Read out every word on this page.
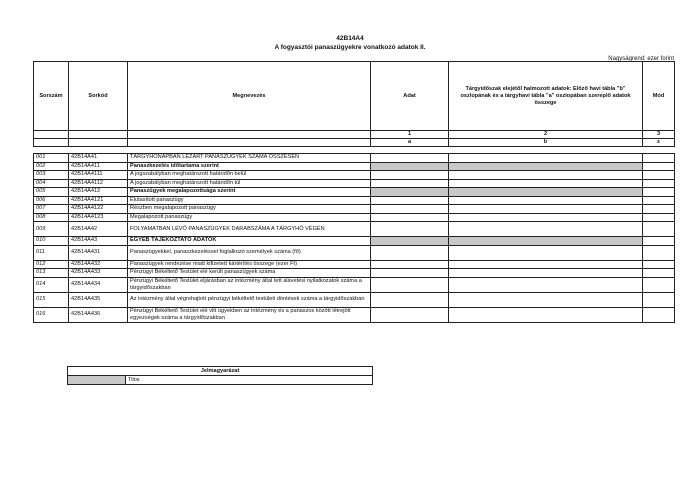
42B14A4
A fogyasztói panaszügyekre vonatkozó adatok II.
Nagyságrend: ezer forint
Sorszám	Sorkód	Megnevezés	Adat	Tárgyidőszak elejétől halmozott adatok: Előző havi tábla "b" oszlopának és a tárgyhavi tábla "a" oszlopában szereplő adatok összege	Mód
			1	2	3
			a	b	z

001	42B14A41	TÁRGYHÓNAPBAN LEZÁRT PANASZÜGYEK SZÁMA ÖSSZESEN			
002	42B14A411	Panaszkezelés időtartama szerint			
003	42B14A4111	A jogszabályban meghatározott határidőn belül			
004	42B14A4112	A jogszabályban meghatározott határidőn túl			
005	42B14A412	Panaszügyek megalapozottsága szerint			
006	42B14A4121	Elutasított panaszügy			
007	42B14A4122	Részben megalapozott panaszügy			
008	42B14A4123	Megalapozott panaszügy			
009	42B14A42	FOLYAMATBAN LÉVŐ PANASZÜGYEK DARABSZÁMA A TÁRGYHÓ VÉGÉN			
010	42B14A43	EGYÉB TÁJÉKOZTATÓ ADATOK			
011	42B14A431	Panaszügyekkel, panaszkezeléssel foglalkozó személyek száma (fő)			
012	42B14A432	Panaszügyek rendezése miatt kifizetett kártérítés összege (ezer Ft)			
013	42B14A433	Pénzügyi Békéltető Testület elé került panaszügyek száma			
014	42B14A434	Pénzügyi Békéltető Testület eljárásban az intézmény által tett alávetési nyilatkozatok száma a tárgyidőszakban			
015	42B14A435	Az intézmény által végrehajtott pénzügyi békéltető testületi döntések száma a tárgyidőszakban			
016	42B14A436	Pénzügyi Békéltető Testület elé vitt ügyekben az intézmény és a panaszos között létrejött egyezségek száma a tárgyidőszakban			
Jelmagyarázat
	Tilos
